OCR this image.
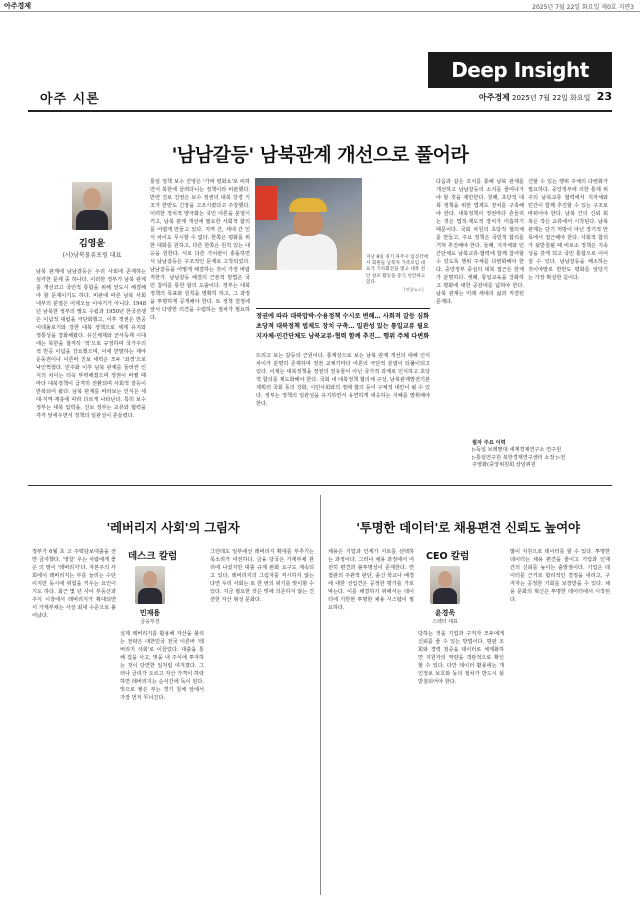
아주경제	2025년 7월 22일 화요일 제0호 지면3
아주 시론
Deep Insight
아주경제 2025년 7월 22일 화요일 23
'남남갈등' 남북관계 개선으로 풀어라
김영윤
(사)남북물류포럼 대표
남북 관계에 남남갈등은 우리 사회에 존재하는 심각한 문제 중 하나다. 이러한 정부가 남북 관계를 개선코고 국민적 통합을 위해 언도시 해결해야 할 문제이기도 하다. 비판에 따른 남북 사회 내부의 분열은 어제오늘 이야기가 아니다. 1948년 남북한 정부의 별도 수립과 1950년 한국전쟁은 이념적 대립을 극단화했고, 이후 정권은 반공 이데올로기와 강한 대북 정책으로 체제 유지와 정통성을 강화해왔다. 유신체제와 군사독재 시대에는 북한을 철저히 '적'으로 규정하며 국가주의적 반공 이념을 강요했으며, 이에 반발하는 재야 운동권이나 이른바 진보 세력은 모두 '좌경'으로 낙인찍혔다. 민주화 이후 남북 관계를 둘러싼 인식의 차이는 더욱 뚜렷해졌으며 정권이 바뀔 때마다 대북정책이 급격히 전환되며 사회적 갈등이 반복되어 왔다. 남북 관계를 바라보는 인식은 세대·지역·계층에 따라 다르게 나타난다. 특히 보수 정부는 대북 압박을, 진보 정부는 교류와 협력을 각각 앞세우면서 정책의 일관성이 흔들렸다.
통일 정책 보수 진영은 '가짜 평화쇼'로 비하면서 북한에 끌려다니는 정책이라 비판했다. 반면 진보 진영은 보수 정권의 대북 강경 기조가 한반도 긴장을 고조시켰다고 주장했다. 이러한 정치적 양극화는 국민 여론을 분열시키고, 남북 관계 개선에 필요한 사회적 합의를 어렵게 만들고 있다. 지역 간, 세대 간 인식 차이도 무시할 수 없다. 한쪽은 평화를 위한 대화를 원하고, 다른 한쪽은 원칙 있는 대응을 원한다. 서로 다른 가치관이 충돌하면서 남남갈등은 구조적인 문제로 고착되었다. 남남갈등을 어떻게 해결하는 것이 가장 바람직한가. 남남갈등 해결의 근본적 방법은 국민 참여를 통한 합의 도출이다. 정부는 대북정책의 목표와 원칙을 명확히 하고, 그 과정을 투명하게 공개해야 한다. 또 정책 결정에 앞서 다양한 의견을 수렴하는 절차가 필요하다.
지난 8일 경기 파주시 임진각에서 회원들 남북자 가족모임 대표가 기자회견을 열고 대북 전단 살포 활동을 중식 선언하고 있다.
[연합뉴스]
정권에 따라 대북압박·수용정책 수시로 변해… 사회적 갈등 심화
초당적 대북정책 법제도 장치 구축… 일관성 있는 통일교류 필요
지자체·민간단체도 남북교류·협력 함께 추진… 행위 주체 다변화
뜨리고 보는 갈등의 근원이다. 통계상으로 보는 남북 관계 개선의 대해 인식 차이가 분명히 존재하며 정권 교체기마다 여론의 극단적 분열이 되풀이되고 있다. 이제는 대북정책을 정권의 전유물이 아닌 국가적 과제로 인식하고 초당적 합의를 제도화해야 한다. 국회 내 대북정책 협의체 구성, 남북관계발전기본계획의 국회 동의 강화, 시민사회와의 정례 협의 등이 구체적 대안이 될 수 있다. 정부는 정책의 일관성을 유지하면서 유연하게 대응하는 지혜를 발휘해야 한다.
다음과 같은 조치를 통해 남북 관계를 개선하고 남남갈등의 소지를 줄여나가야 할 것을 제안한다. 첫째, 초당적 대북 정책을 위한 법제도 장치를 구축해야 한다. 대북정책이 정권마다 흔들리는 것은 법적·제도적 장치가 미흡하기 때문이다. 국회 차원의 초당적 협의체를 만들고, 주요 정책은 국민적 합의를 거쳐 추진해야 한다. 둘째, 지자체와 민간단체도 남북교류·협력에 함께 참여할 수 있도록 행위 주체를 다변화해야 한다. 중앙정부 중심의 대북 접근은 한계가 분명하다. 셋째, 통일교육을 강화하고 평화에 대한 공감대를 넓혀야 한다. 남북 관계는 미래 세대의 삶과 직결된 문제다.
건할 수 있는 행위 주체의 다변화가 필요하다. 중앙정부에 의한 통제 위주의 남북교류 협력에서 지자체와 민간이 함께 추진할 수 있는 구조로 바뀌어야 한다. 남북 간의 신뢰 회복은 작은 교류에서 시작된다. 남북 관계는 단기 처방이 아닌 장기적 안목에서 접근해야 한다. 사회적 합의가 뒷받침될 때 비로소 정책은 지속성을 갖게 되고 국민 통합으로 이어질 수 있다. 남남갈등을 해소하는 것이야말로 한반도 평화를 앞당기는 가장 확실한 길이다.
필자 주요 이력
▷독일 브레멘대 세계경제연구소 연구원
▷통일연구원 북한경제연구센터 소장 ▷전
주영화(중앙위원회 상임위원
'레버리지 사회'의 그림자
데스크 칼럼
민재용
금융부장
정부가 6월 초 고 주택담보대출을 전면 금지했다. '영끌' 우는 사람에게 좋은 의 말이 '레버리지'다. 자본주의 사회에서 레버리지는 부를 늘리는 수단이지만 동시에 위험을 키우는 요인이기도 하다. 최근 몇 년 사이 부동산과 주식 시장에서 레버리지가 확대되면서 가계부채는 사상 최대 수준으로 불어났다.
실제 레버리지를 활용해 자산을 불리는 전략은 대한민국 전국 이른바 '레버리지 사회'로 이끌었다. 대출을 통해 집을 사고, 빚을 내 주식에 투자하는 것이 당연한 일처럼 여겨졌다. 그러나 금리가 오르고 자산 가격이 하락하면 레버리지는 순식간에 독이 된다. 빚으로 쌓은 부는 경기 침체 앞에서 가장 먼저 무너진다.
그런데도 일부에선 레버리지 확대를 부추기는 목소리가 여전하다. 금융 당국은 가계부채 관리에 나섰지만 대출 규제 완화 요구도 계속되고 있다. 레버리지의 그림자를 직시하지 않는다면 우리 사회는 또 한 번의 위기를 맞이할 수 있다. 지금 필요한 것은 빚에 의존하지 않는 건전한 자산 형성 문화다.
'투명한 데이터'로 채용편견 신뢰도 높여야
CEO 칼럼
윤경욱
스펙터 대표
채용은 기업과 인재가 서로를 선택하는 과정이다. 그러나 채용 과정에서 여전히 편견과 불투명성이 존재한다. 면접관의 주관적 판단, 출신 학교나 배경에 대한 선입견은 공정한 평가를 가로막는다. 이를 해결하기 위해서는 데이터에 기반한 투명한 채용 시스템이 필요하다.
당하는 것을 기업과 구직자 모두에게 신뢰를 줄 수 있는 방법이다. 평판 조회와 경력 검증을 데이터로 체계화하면 지원자의 역량을 객관적으로 확인할 수 있다. 다만 데이터 활용에는 개인정보 보호와 동의 절차가 반드시 뒷받침되어야 한다.
많이 지원으로 데이터를 할 수 있다. 투명한 데이터는 채용 편견을 줄이고 기업과 인재 간의 신뢰를 높이는 출발점이다. 기업은 데이터를 근거로 합리적인 결정을 내리고, 구직자는 공정한 기회를 보장받을 수 있다. 채용 문화의 혁신은 투명한 데이터에서 시작된다.
